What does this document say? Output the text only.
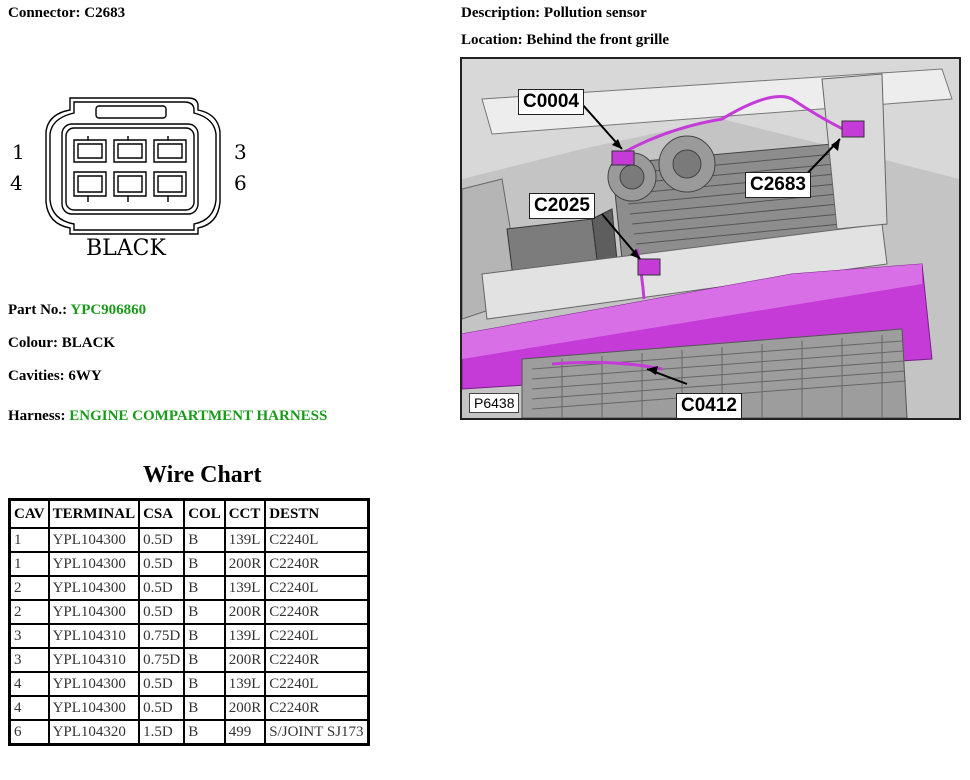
Connector: C2683	Description: Pollution sensor
Location: Behind the front grille
1	3
4	6
BLACK
C0004
C2683
C2025
C0412
P6438
Part No.: YPC906860
Colour: BLACK
Cavities: 6WY
Harness: ENGINE COMPARTMENT HARNESS
Wire Chart
CAV	TERMINAL	CSA	COL	CCT	DESTN
1	YPL104300	0.5D	B	139L	C2240L
1	YPL104300	0.5D	B	200R	C2240R
2	YPL104300	0.5D	B	139L	C2240L
2	YPL104300	0.5D	B	200R	C2240R
3	YPL104310	0.75D	B	139L	C2240L
3	YPL104310	0.75D	B	200R	C2240R
4	YPL104300	0.5D	B	139L	C2240L
4	YPL104300	0.5D	B	200R	C2240R
6	YPL104320	1.5D	B	499	S/JOINT SJ173
